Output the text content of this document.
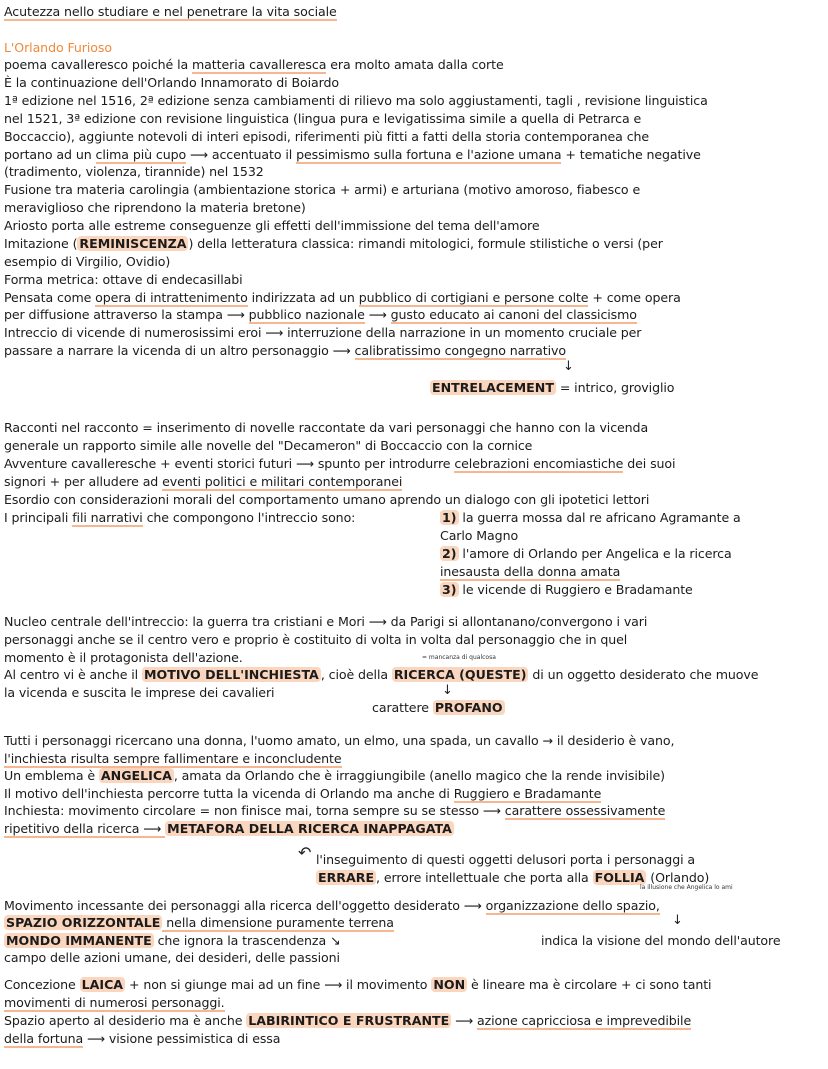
Acutezza nello studiare e nel penetrare la vita sociale
L'Orlando Furioso
poema cavalleresco poiché la matteria cavalleresca era molto amata dalla corte
È la continuazione dell'Orlando Innamorato di Boiardo
1ª edizione nel 1516, 2ª edizione senza cambiamenti di rilievo ma solo aggiustamenti, tagli , revisione linguistica
nel 1521, 3ª edizione con revisione linguistica (lingua pura e levigatissima simile a quella di Petrarca e
Boccaccio), aggiunte notevoli di interi episodi, riferimenti più fitti a fatti della storia contemporanea che
portano ad un clima più cupo ⟶ accentuato il pessimismo sulla fortuna e l'azione umana + tematiche negative
(tradimento, violenza, tirannide) nel 1532
Fusione tra materia carolingia (ambientazione storica + armi) e arturiana (motivo amoroso, fiabesco e
meraviglioso che riprendono la materia bretone)
Ariosto porta alle estreme conseguenze gli effetti dell'immissione del tema dell'amore
Imitazione ( REMINISCENZA ) della letteratura classica: rimandi mitologici, formule stilistiche o versi (per
esempio di Virgilio, Ovidio)
Forma metrica: ottave di endecasillabi
Pensata come opera di intrattenimento indirizzata ad un pubblico di cortigiani e persone colte + come opera
per diffusione attraverso la stampa ⟶ pubblico nazionale ⟶ gusto educato ai canoni del classicismo
Intreccio di vicende di numerosissimi eroi ⟶ interruzione della narrazione in un momento cruciale per
passare a narrare la vicenda di un altro personaggio ⟶ calibratissimo congegno narrativo
↓
ENTRELACEMENT = intrico, groviglio
Racconti nel racconto = inserimento di novelle raccontate da vari personaggi che hanno con la vicenda
generale un rapporto simile alle novelle del "Decameron" di Boccaccio con la cornice
Avventure cavalleresche + eventi storici futuri ⟶ spunto per introdurre celebrazioni encomiastiche dei suoi
signori + per alludere ad eventi politici e militari contemporanei
Esordio con considerazioni morali del comportamento umano aprendo un dialogo con gli ipotetici lettori
I principali fili narrativi che compongono l'intreccio sono:	1) la guerra mossa dal re africano Agramante a
Carlo Magno
2) l'amore di Orlando per Angelica e la ricerca
inesausta della donna amata
3) le vicende di Ruggiero e Bradamante
Nucleo centrale dell'intreccio: la guerra tra cristiani e Mori ⟶ da Parigi si allontanano/convergono i vari
personaggi anche se il centro vero e proprio è costituito di volta in volta dal personaggio che in quel
momento è il protagonista dell'azione.	= mancanza di qualcosa
Al centro vi è anche il MOTIVO DELL'INCHIESTA , cioè della RICERCA (QUESTE) di un oggetto desiderato che muove
la vicenda e suscita le imprese dei cavalieri	↓
carattere PROFANO
Tutti i personaggi ricercano una donna, l'uomo amato, un elmo, una spada, un cavallo → il desiderio è vano,
l'inchiesta risulta sempre fallimentare e inconcludente
Un emblema è ANGELICA , amata da Orlando che è irraggiungibile (anello magico che la rende invisibile)
Il motivo dell'inchiesta percorre tutta la vicenda di Orlando ma anche di Ruggiero e Bradamante
Inchiesta: movimento circolare = non finisce mai, torna sempre su se stesso ⟶ carattere ossessivamente
ripetitivo della ricerca ⟶ METAFORA DELLA RICERCA INAPPAGATA
↶ l'inseguimento di questi oggetti delusori porta i personaggi a
ERRARE , errore intellettuale che porta alla FOLLIA (Orlando)
la illusione che Angelica lo ami
Movimento incessante dei personaggi alla ricerca dell'oggetto desiderato ⟶ organizzazione dello spazio,
SPAZIO ORIZZONTALE nella dimensione puramente terrena	↓
MONDO IMMANENTE che ignora la trascendenza ↘	indica la visione del mondo dell'autore
campo delle azioni umane, dei desideri, delle passioni
Concezione LAICA + non si giunge mai ad un fine ⟶ il movimento NON è lineare ma è circolare + ci sono tanti
movimenti di numerosi personaggi.
Spazio aperto al desiderio ma è anche LABIRINTICO E FRUSTRANTE ⟶ azione capricciosa e imprevedibile
della fortuna ⟶ visione pessimistica di essa
